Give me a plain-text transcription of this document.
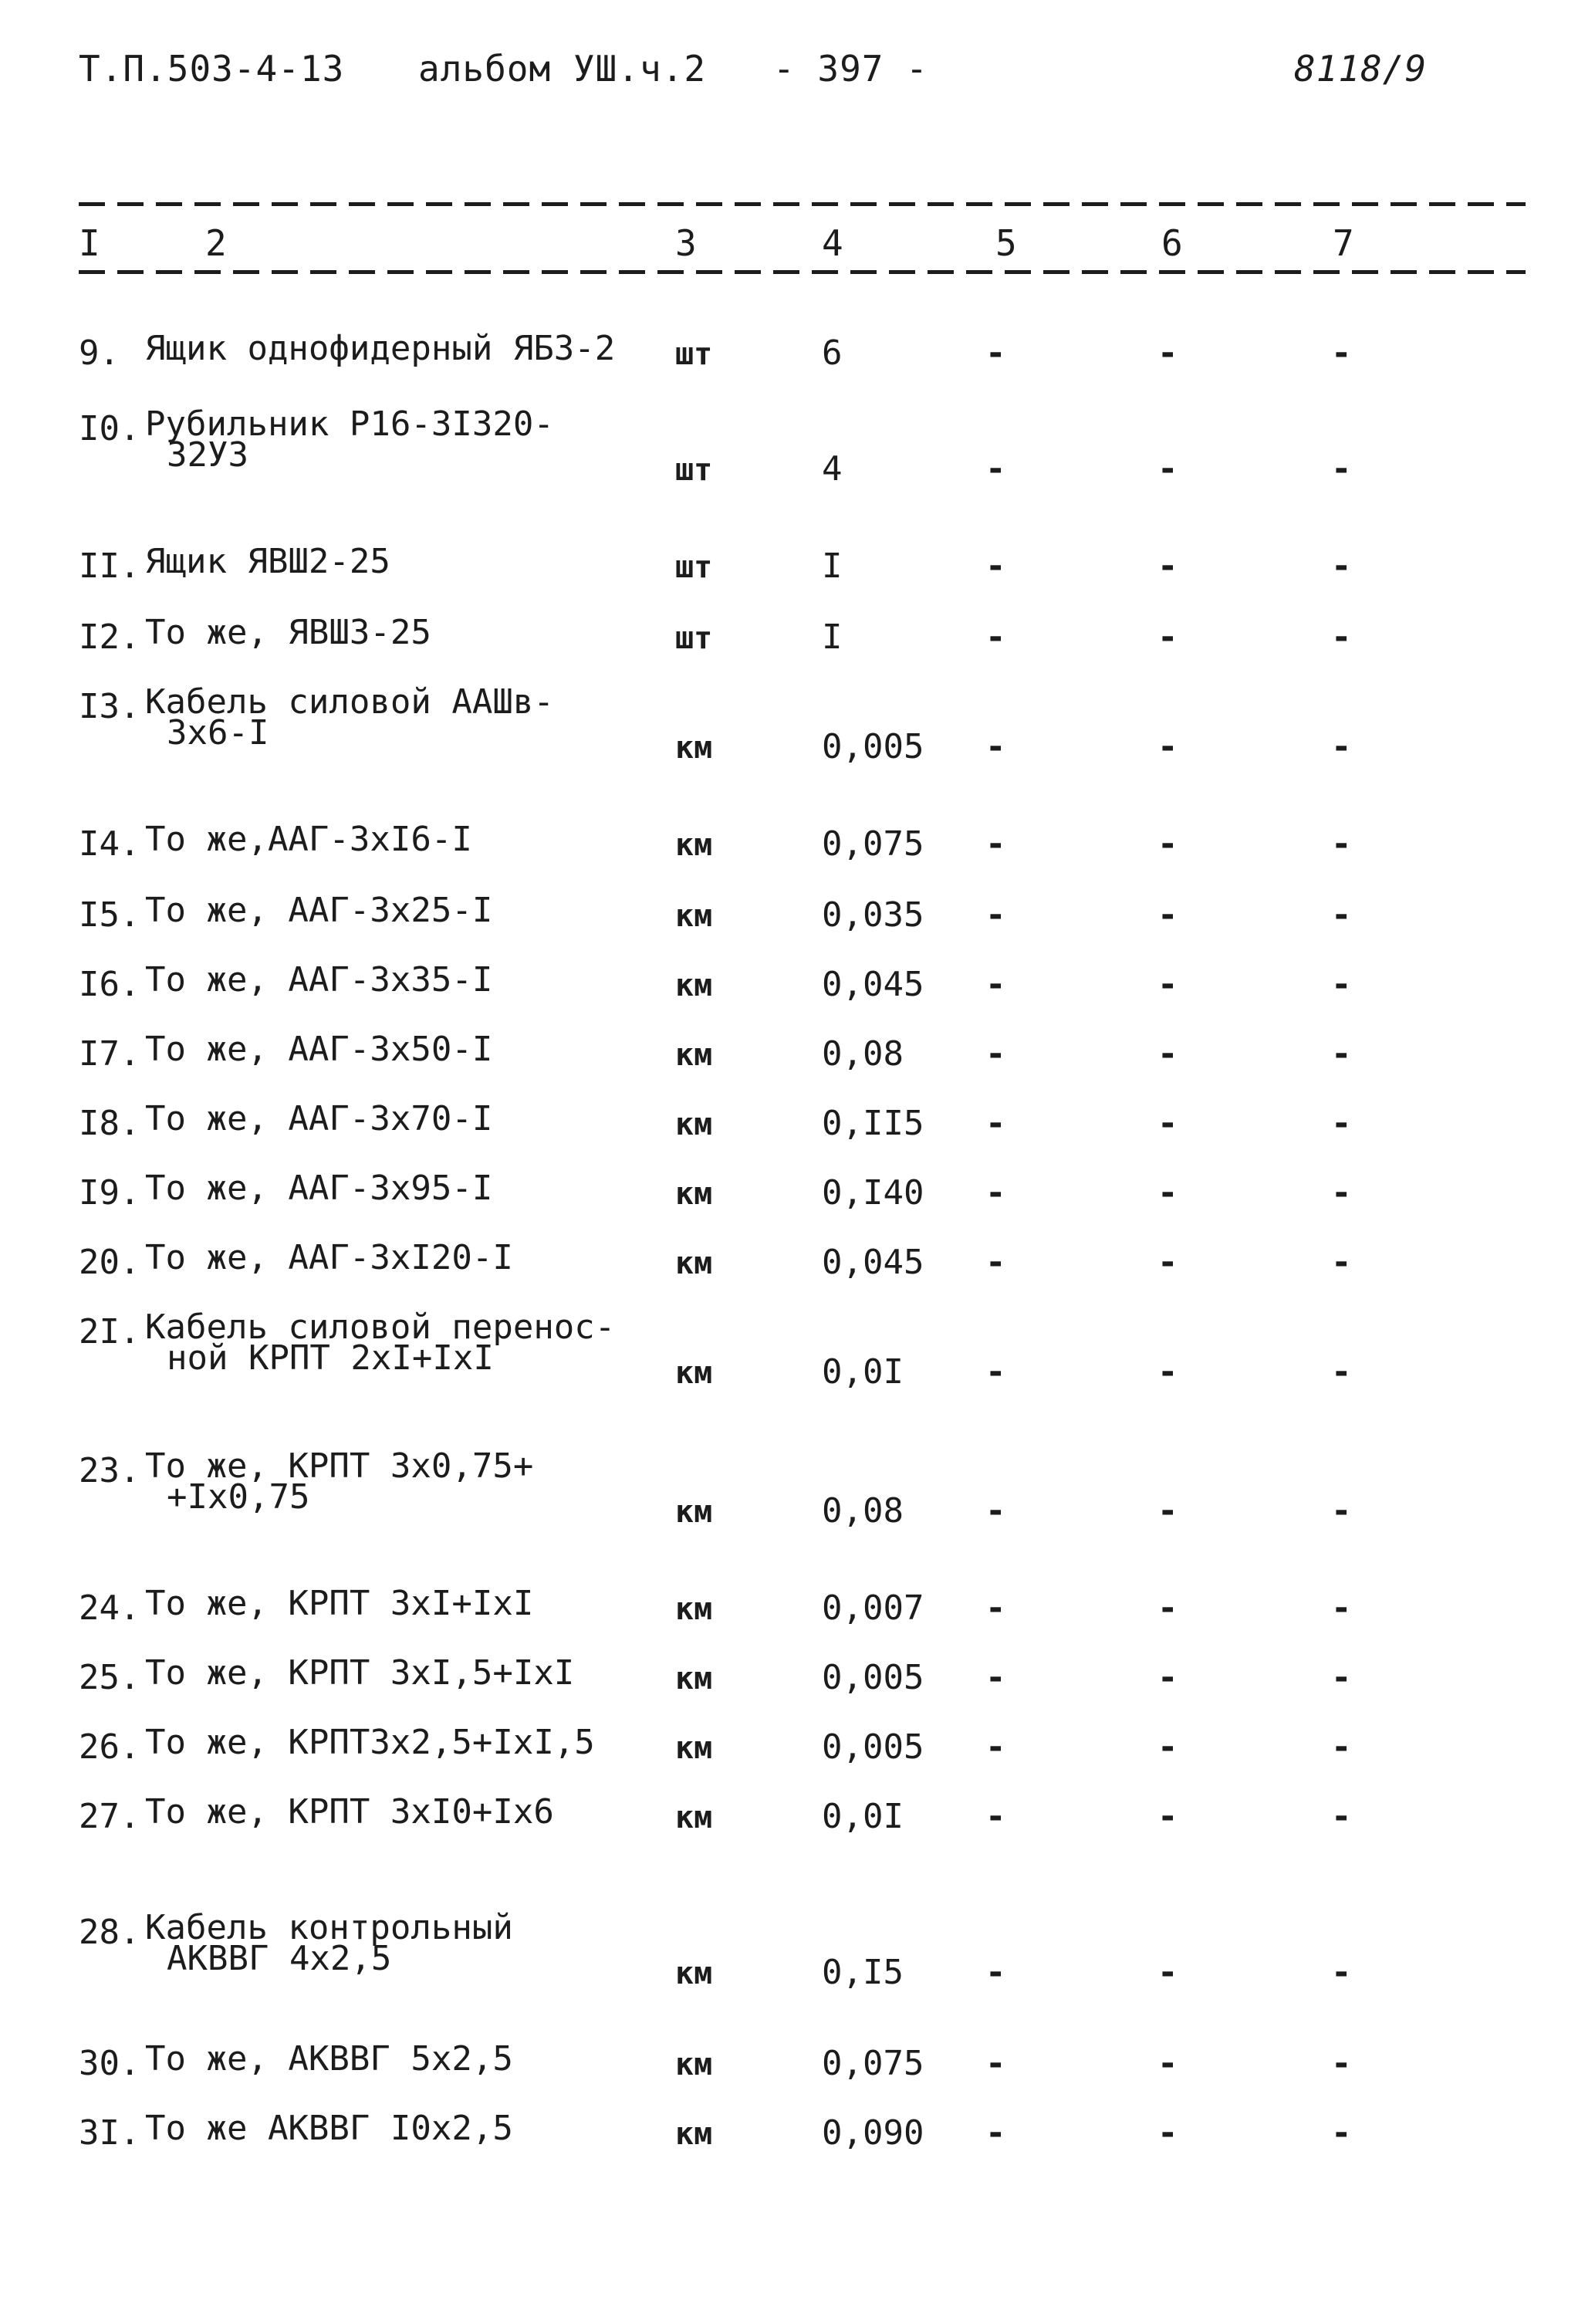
Т.П.503-4-13 альбом УШ.ч.2 - 397 -	8118/9
I	2	3	4	5	6	7
9. Ящик однофидерный ЯБЗ-2 шт	6	-	-	-
I0. Рубильник Р16-3I320-
32У3	шт	4	-	-	-
II. Ящик ЯВШ2-25	шт	I	-	-	-
I2. То же, ЯВШ3-25	шт	I	-	-	-
I3. Кабель силовой ААШв-
3х6-I	км	0,005 -	-	-
I4. То же,ААГ-3хI6-I	км	0,075 -	-	-
I5. То же, ААГ-3х25-I	км	0,035 -	-	-
I6. То же, ААГ-3х35-I	км	0,045 -	-	-
I7. То же, ААГ-3х50-I	км	0,08 -	-	-
I8. То же, ААГ-3х70-I	км	0,II5 -	-	-
I9. То же, ААГ-3х95-I	км	0,I40 -	-	-
20. То же, ААГ-3хI20-I	км	0,045 -	-	-
2I. Кабель силовой перенос-
ной КРПТ 2хI+IхI	км	0,0I -	-	-
23. То же, КРПТ 3х0,75+
+Iх0,75	км	0,08 -	-	-
24. То же, КРПТ 3хI+IхI	км	0,007 -	-	-
25. То же, КРПТ 3хI,5+IхI	км	0,005 -	-	-
26. То же, КРПТ3х2,5+IхI,5	км	0,005 -	-	-
27. То же, КРПТ 3хI0+Iх6	км	0,0I -	-	-
28. Кабель контрольный
АКВВГ 4х2,5	км	0,I5 -	-	-
30. То же, АКВВГ 5х2,5	км	0,075 -	-	-
3I. То же АКВВГ I0х2,5	км	0,090 -	-	-
